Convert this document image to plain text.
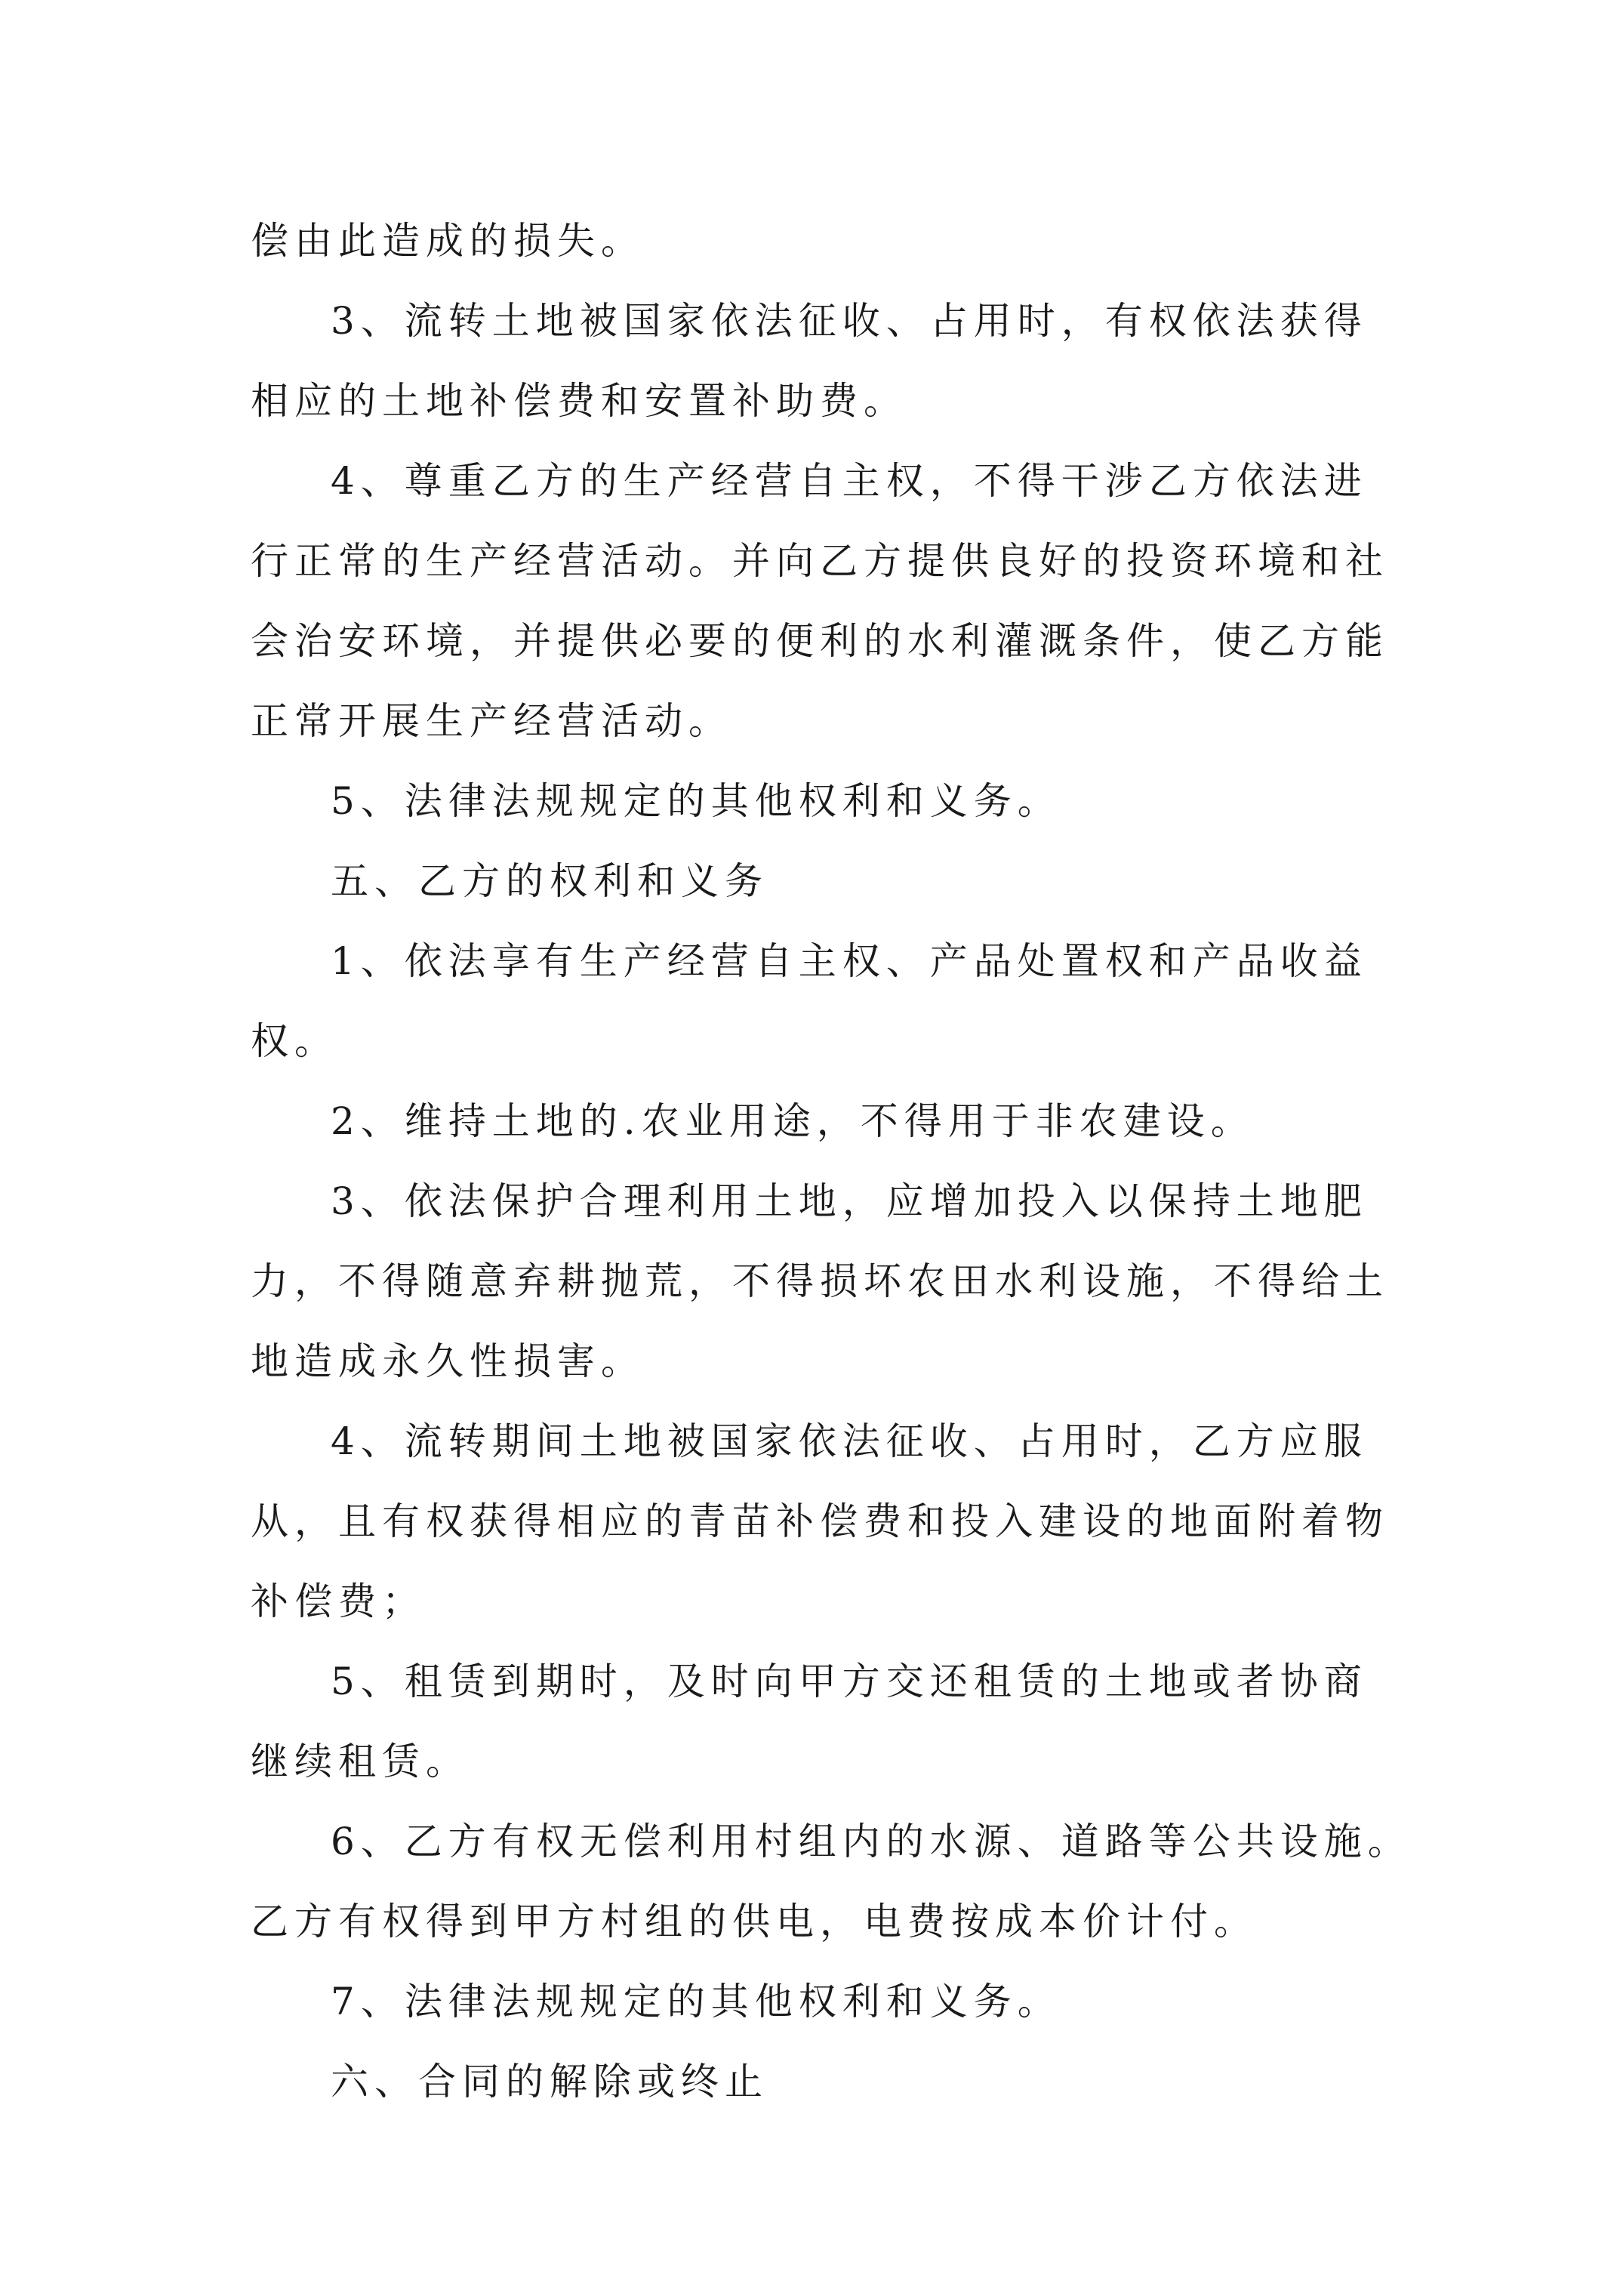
偿由此造成的损失。
3、流转土地被国家依法征收、占用时，有权依法获得
相应的土地补偿费和安置补助费。
4、尊重乙方的生产经营自主权，不得干涉乙方依法进
行正常的生产经营活动。并向乙方提供良好的投资环境和社
会治安环境，并提供必要的便利的水利灌溉条件，使乙方能
正常开展生产经营活动。
5、法律法规规定的其他权利和义务。
五、乙方的权利和义务
1、依法享有生产经营自主权、产品处置权和产品收益
权。
2、维持土地的.农业用途，不得用于非农建设。
3、依法保护合理利用土地，应增加投入以保持土地肥
力，不得随意弃耕抛荒，不得损坏农田水利设施，不得给土
地造成永久性损害。
4、流转期间土地被国家依法征收、占用时，乙方应服
从，且有权获得相应的青苗补偿费和投入建设的地面附着物
补偿费；
5、租赁到期时，及时向甲方交还租赁的土地或者协商
继续租赁。
6、乙方有权无偿利用村组内的水源、道路等公共设施。
乙方有权得到甲方村组的供电，电费按成本价计付。
7、法律法规规定的其他权利和义务。
六、合同的解除或终止
